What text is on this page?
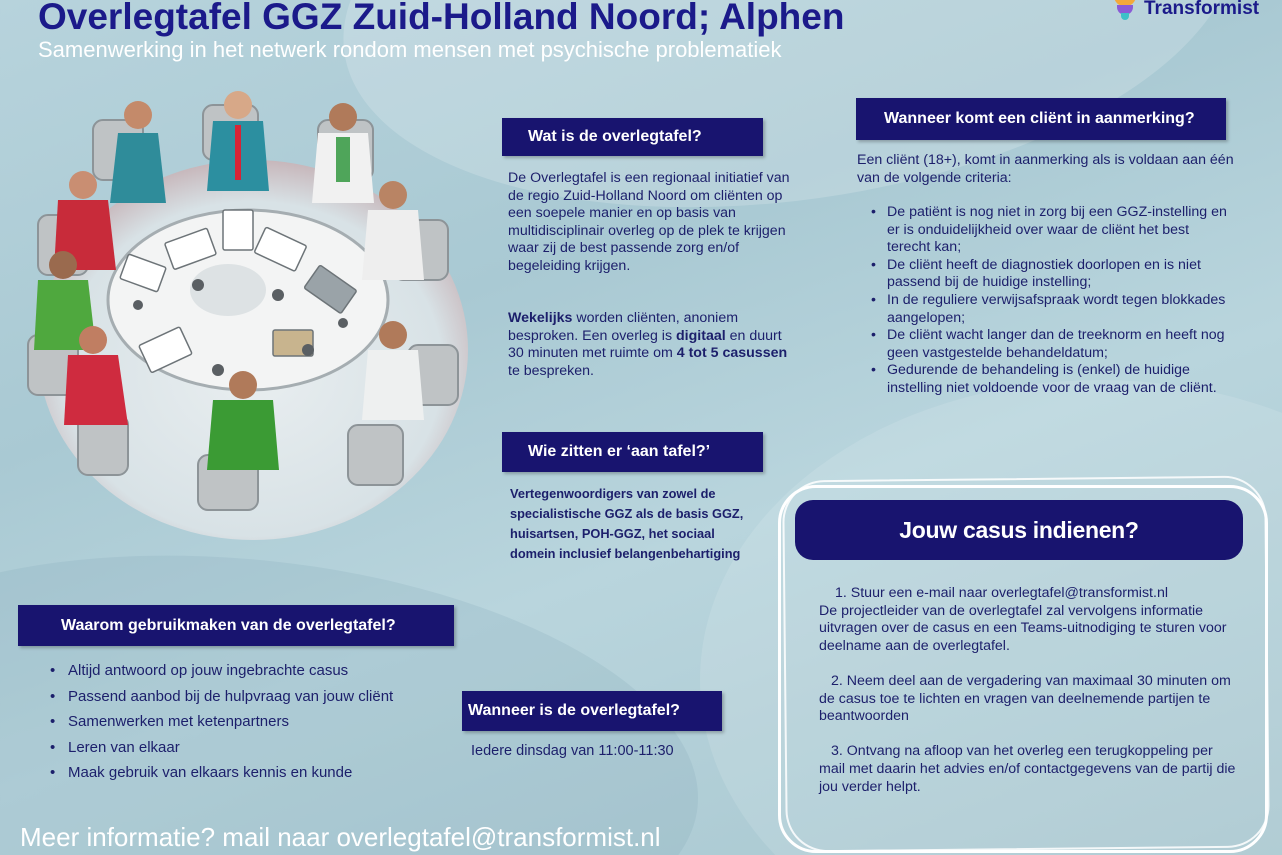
Overlegtafel GGZ Zuid-Holland Noord; Alphen
Samenwerking in het netwerk rondom mensen met psychische problematiek
Transformist
Wat is de overlegtafel?

De Overlegtafel is een regionaal initiatief van de regio Zuid-Holland Noord om cliënten op een soepele manier en op basis van multidisciplinair overleg op de plek te krijgen waar zij de best passende zorg en/of begeleiding krijgen.

Wekelijks worden cliënten, anoniem besproken. Een overleg is digitaal en duurt 30 minuten met ruimte om 4 tot 5 casussen te bespreken.

Wie zitten er ‘aan tafel?’

Vertegenwoordigers van zowel de specialistische GGZ als de basis GGZ, huisartsen, POH-GGZ, het sociaal domein inclusief belangenbehartiging

Wanneer komt een cliënt in aanmerking?

Een cliënt (18+), komt in aanmerking als is voldaan aan één van de volgende criteria:

• De patiënt is nog niet in zorg bij een GGZ-instelling en er is onduidelijkheid over waar de cliënt het best terecht kan;
• De cliënt heeft de diagnostiek doorlopen en is niet passend bij de huidige instelling;
• In de reguliere verwijsafspraak wordt tegen blokkades aangelopen;
• De cliënt wacht langer dan de treeknorm en heeft nog geen vastgestelde behandeldatum;
• Gedurende de behandeling is (enkel) de huidige instelling niet voldoende voor de vraag van de cliënt.
Waarom gebruikmaken van de overlegtafel?
• Altijd antwoord op jouw ingebrachte casus
• Passend aanbod bij de hulpvraag van jouw cliënt
• Samenwerken met ketenpartners
• Leren van elkaar
• Maak gebruik van elkaars kennis en kunde
Wanneer is de overlegtafel?

Iedere dinsdag van 11:00-11:30

Jouw casus indienen?
1. Stuur een e-mail naar overlegtafel@transformist.nl
De projectleider van de overlegtafel zal vervolgens informatie uitvragen over de casus en een Teams-uitnodiging te sturen voor deelname aan de overlegtafel.
2. Neem deel aan de vergadering van maximaal 30 minuten om de casus toe te lichten en vragen van deelnemende partijen te beantwoorden
3. Ontvang na afloop van het overleg een terugkoppeling per mail met daarin het advies en/of contactgegevens van de partij die jou verder helpt.
Meer informatie? mail naar overlegtafel@transformist.nl
